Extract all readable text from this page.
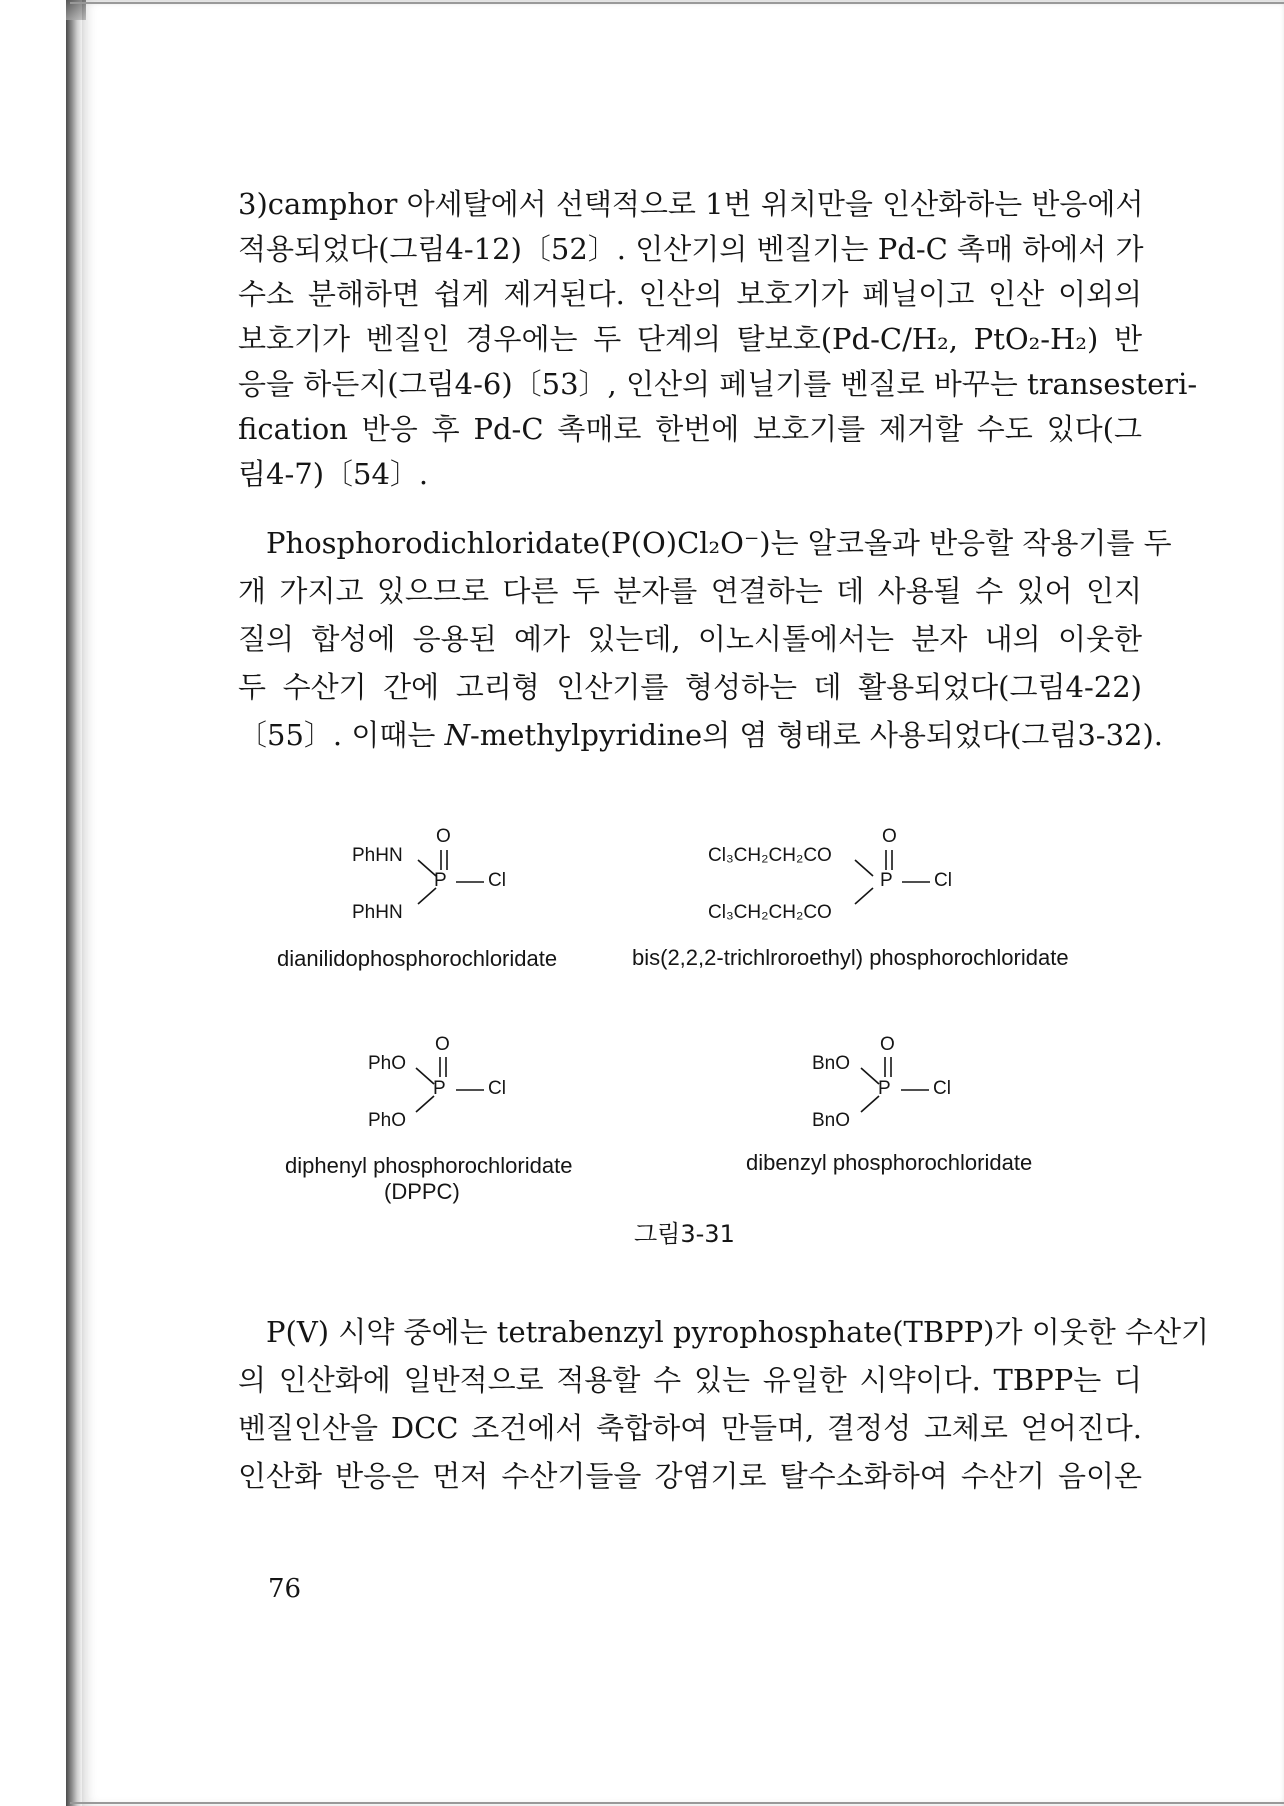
3)camphor 아세탈에서 선택적으로 1번 위치만을 인산화하는 반응에서
적용되었다(그림4-12)〔52〕. 인산기의 벤질기는 Pd-C 촉매 하에서 가
수소 분해하면 쉽게 제거된다. 인산의 보호기가 페닐이고 인산 이외의
보호기가 벤질인 경우에는 두 단계의 탈보호(Pd-C/H₂, PtO₂-H₂) 반
응을 하든지(그림4-6)〔53〕, 인산의 페닐기를 벤질로 바꾸는 transesteri-
fication 반응 후 Pd-C 촉매로 한번에 보호기를 제거할 수도 있다(그
림4-7)〔54〕.
Phosphorodichloridate(P(O)Cl₂O⁻)는 알코올과 반응할 작용기를 두
개 가지고 있으므로 다른 두 분자를 연결하는 데 사용될 수 있어 인지
질의 합성에 응용된 예가 있는데, 이노시톨에서는 분자 내의 이웃한
두 수산기 간에 고리형 인산기를 형성하는 데 활용되었다(그림4-22)
〔55〕. 이때는 N-methylpyridine의 염 형태로 사용되었다(그림3-32).
O
PhHN
P Cl
PhHN
dianilidophosphorochloridate
O
Cl₃CH₂CH₂CO
P Cl
Cl₃CH₂CH₂CO
bis(2,2,2-trichlroroethyl) phosphorochloridate
O
PhO
P Cl
PhO
diphenyl phosphorochloridate
(DPPC)
O
BnO
P Cl
BnO
dibenzyl phosphorochloridate
그림3-31
P(V) 시약 중에는 tetrabenzyl pyrophosphate(TBPP)가 이웃한 수산기
의 인산화에 일반적으로 적용할 수 있는 유일한 시약이다. TBPP는 디
벤질인산을 DCC 조건에서 축합하여 만들며, 결정성 고체로 얻어진다.
인산화 반응은 먼저 수산기들을 강염기로 탈수소화하여 수산기 음이온
76
